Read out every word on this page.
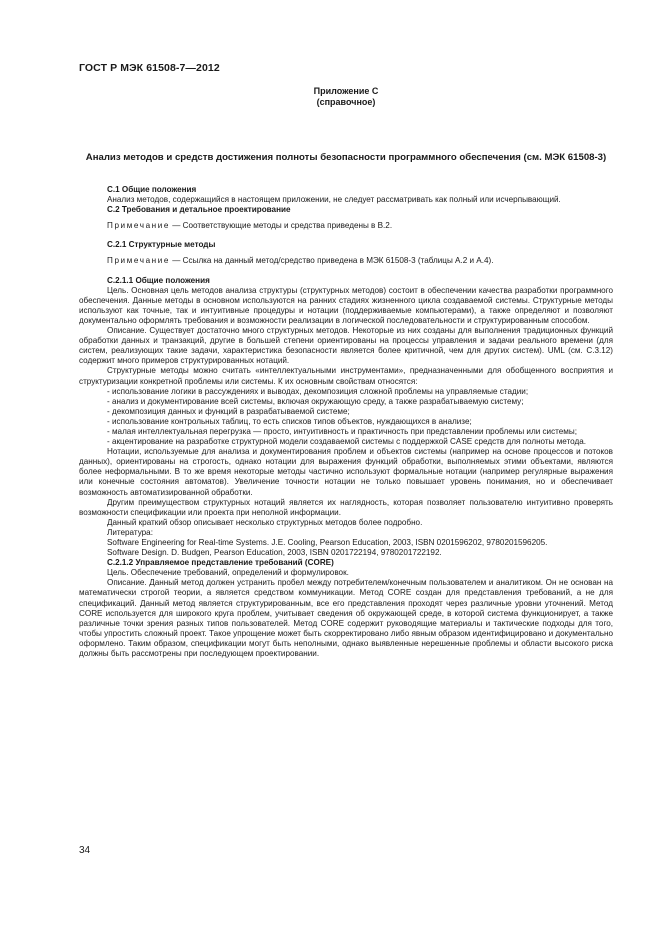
ГОСТ Р МЭК 61508-7—2012
Приложение С
(справочное)
Анализ методов и средств достижения полноты безопасности программного обеспечения (см. МЭК 61508-3)

С.1 Общие положения

Анализ методов, содержащийся в настоящем приложении, не следует рассматривать как полный или исчерпывающий.

С.2 Требования и детальное проектирование

Примечание — Соответствующие методы и средства приведены в В.2.

С.2.1 Структурные методы

Примечание — Ссылка на данный метод/средство приведена в МЭК 61508-3 (таблицы А.2 и А.4).

С.2.1.1 Общие положения

Цель. Основная цель методов анализа структуры (структурных методов) состоит в обеспечении качества разработки программного обеспечения. Данные методы в основном используются на ранних стадиях жизненного цикла создаваемой системы. Структурные методы используют как точные, так и интуитивные процедуры и нотации (поддерживаемые компьютерами), а также определяют и позволяют документально оформлять требования и возможности реализации в логической последовательности и структурированным способом.

Описание. Существует достаточно много структурных методов. Некоторые из них созданы для выполнения традиционных функций обработки данных и транзакций, другие в большей степени ориентированы на процессы управления и задачи реального времени (для систем, реализующих такие задачи, характеристика безопасности является более критичной, чем для других систем). UML (см. С.3.12) содержит много примеров структурированных нотаций.

Структурные методы можно считать «интеллектуальными инструментами», предназначенными для обобщенного восприятия и структуризации конкретной проблемы или системы. К их основным свойствам относятся:

- использование логики в рассуждениях и выводах, декомпозиция сложной проблемы на управляемые стадии;

- анализ и документирование всей системы, включая окружающую среду, а также разрабатываемую систему;

- декомпозиция данных и функций в разрабатываемой системе;

- использование контрольных таблиц, то есть списков типов объектов, нуждающихся в анализе;

- малая интеллектуальная перегрузка — просто, интуитивность и практичность при представлении проблемы или системы;

- акцентирование на разработке структурной модели создаваемой системы с поддержкой CASE средств для полноты метода.

Нотации, используемые для анализа и документирования проблем и объектов системы (например на основе процессов и потоков данных), ориентированы на строгость, однако нотации для выражения функций обработки, выполняемых этими объектами, являются более неформальными. В то же время некоторые методы частично используют формальные нотации (например регулярные выражения или конечные состояния автоматов). Увеличение точности нотации не только повышает уровень понимания, но и обеспечивает возможность автоматизированной обработки.

Другим преимуществом структурных нотаций является их наглядность, которая позволяет пользователю интуитивно проверять возможности спецификации или проекта при неполной информации.

Данный краткий обзор описывает несколько структурных методов более подробно.

Литература:

Software Engineering for Real-time Systems. J.E. Cooling, Pearson Education, 2003, ISBN 0201596202, 9780201596205.

Software Design. D. Budgen, Pearson Education, 2003, ISBN 0201722194, 9780201722192.

С.2.1.2 Управляемое представление требований (CORE)

Цель. Обеспечение требований, определений и формулировок.

Описание. Данный метод должен устранить пробел между потребителем/конечным пользователем и аналитиком. Он не основан на математически строгой теории, а является средством коммуникации. Метод CORE создан для представления требований, а не для спецификаций. Данный метод является структурированным, все его представления проходят через различные уровни уточнений. Метод CORE используется для широкого круга проблем, учитывает сведения об окружающей среде, в которой система функционирует, а также различные точки зрения разных типов пользователей. Метод CORE содержит руководящие материалы и тактические подходы для того, чтобы упростить сложный проект. Такое упрощение может быть скорректировано либо явным образом идентифицировано и документально оформлено. Таким образом, спецификации могут быть неполными, однако выявленные нерешенные проблемы и области высокого риска должны быть рассмотрены при последующем проектировании.

34
